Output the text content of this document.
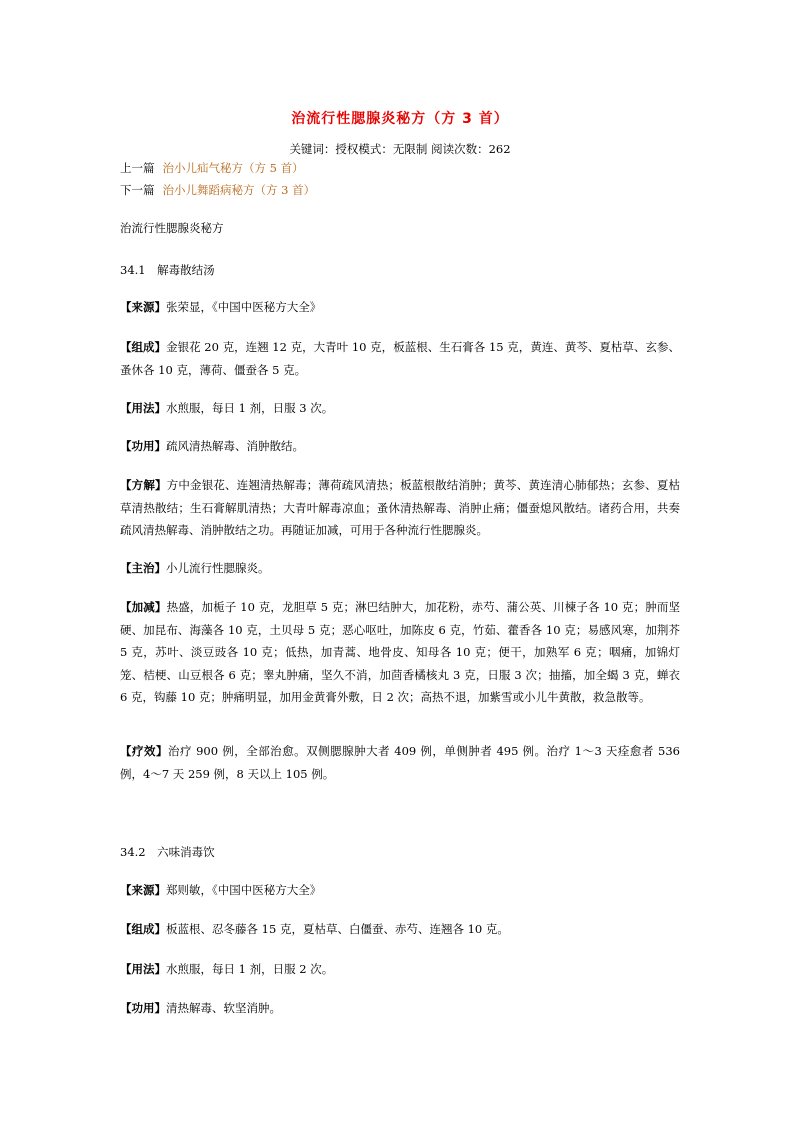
治流行性腮腺炎秘方（方 3 首）
关键词：授权模式：无限制 阅读次数：262
上一篇 治小儿疝气秘方（方 5 首）
下一篇 治小儿舞蹈病秘方（方 3 首）

治流行性腮腺炎秘方

34.1　解毒散结汤

【来源】张荣显，《中国中医秘方大全》

【组成】金银花 20 克，连翘 12 克，大青叶 10 克，板蓝根、生石膏各 15 克，黄连、黄芩、夏枯草、玄参、蚤休各 10 克，薄荷、僵蚕各 5 克。

【用法】水煎服，每日 1 剂，日服 3 次。

【功用】疏风清热解毒、消肿散结。

【方解】方中金银花、连翘清热解毒；薄荷疏风清热；板蓝根散结消肿；黄芩、黄连清心肺郁热；玄参、夏枯草清热散结；生石膏解肌清热；大青叶解毒凉血；蚤休清热解毒、消肿止痛；僵蚕熄风散结。诸药合用，共奏疏风清热解毒、消肿散结之功。再随证加减，可用于各种流行性腮腺炎。

【主治】小儿流行性腮腺炎。

【加减】热盛，加栀子 10 克，龙胆草 5 克；淋巴结肿大，加花粉，赤芍、蒲公英、川楝子各 10 克；肿而坚硬、加昆布、海藻各 10 克，土贝母 5 克；恶心呕吐，加陈皮 6 克，竹茹、藿香各 10 克；易感风寒，加荆芥 5 克，苏叶、淡豆豉各 10 克；低热，加青蒿、地骨皮、知母各 10 克；便干，加熟军 6 克；咽痛，加锦灯笼、桔梗、山豆根各 6 克；睾丸肿痛，坚久不消，加茴香橘核丸 3 克，日服 3 次；抽搐，加全蝎 3 克，蝉衣 6 克，钩藤 10 克；肿痛明显，加用金黄膏外敷，日 2 次；高热不退，加紫雪或小儿牛黄散，救急散等。

【疗效】治疗 900 例，全部治愈。双侧腮腺肿大者 409 例，单侧肿者 495 例。治疗 1～3 天痊愈者 536 例，4～7 天 259 例，8 天以上 105 例。

34.2　六味消毒饮

【来源】郑则敏，《中国中医秘方大全》

【组成】板蓝根、忍冬藤各 15 克，夏枯草、白僵蚕、赤芍、连翘各 10 克。

【用法】水煎服，每日 1 剂，日服 2 次。

【功用】清热解毒、软坚消肿。
